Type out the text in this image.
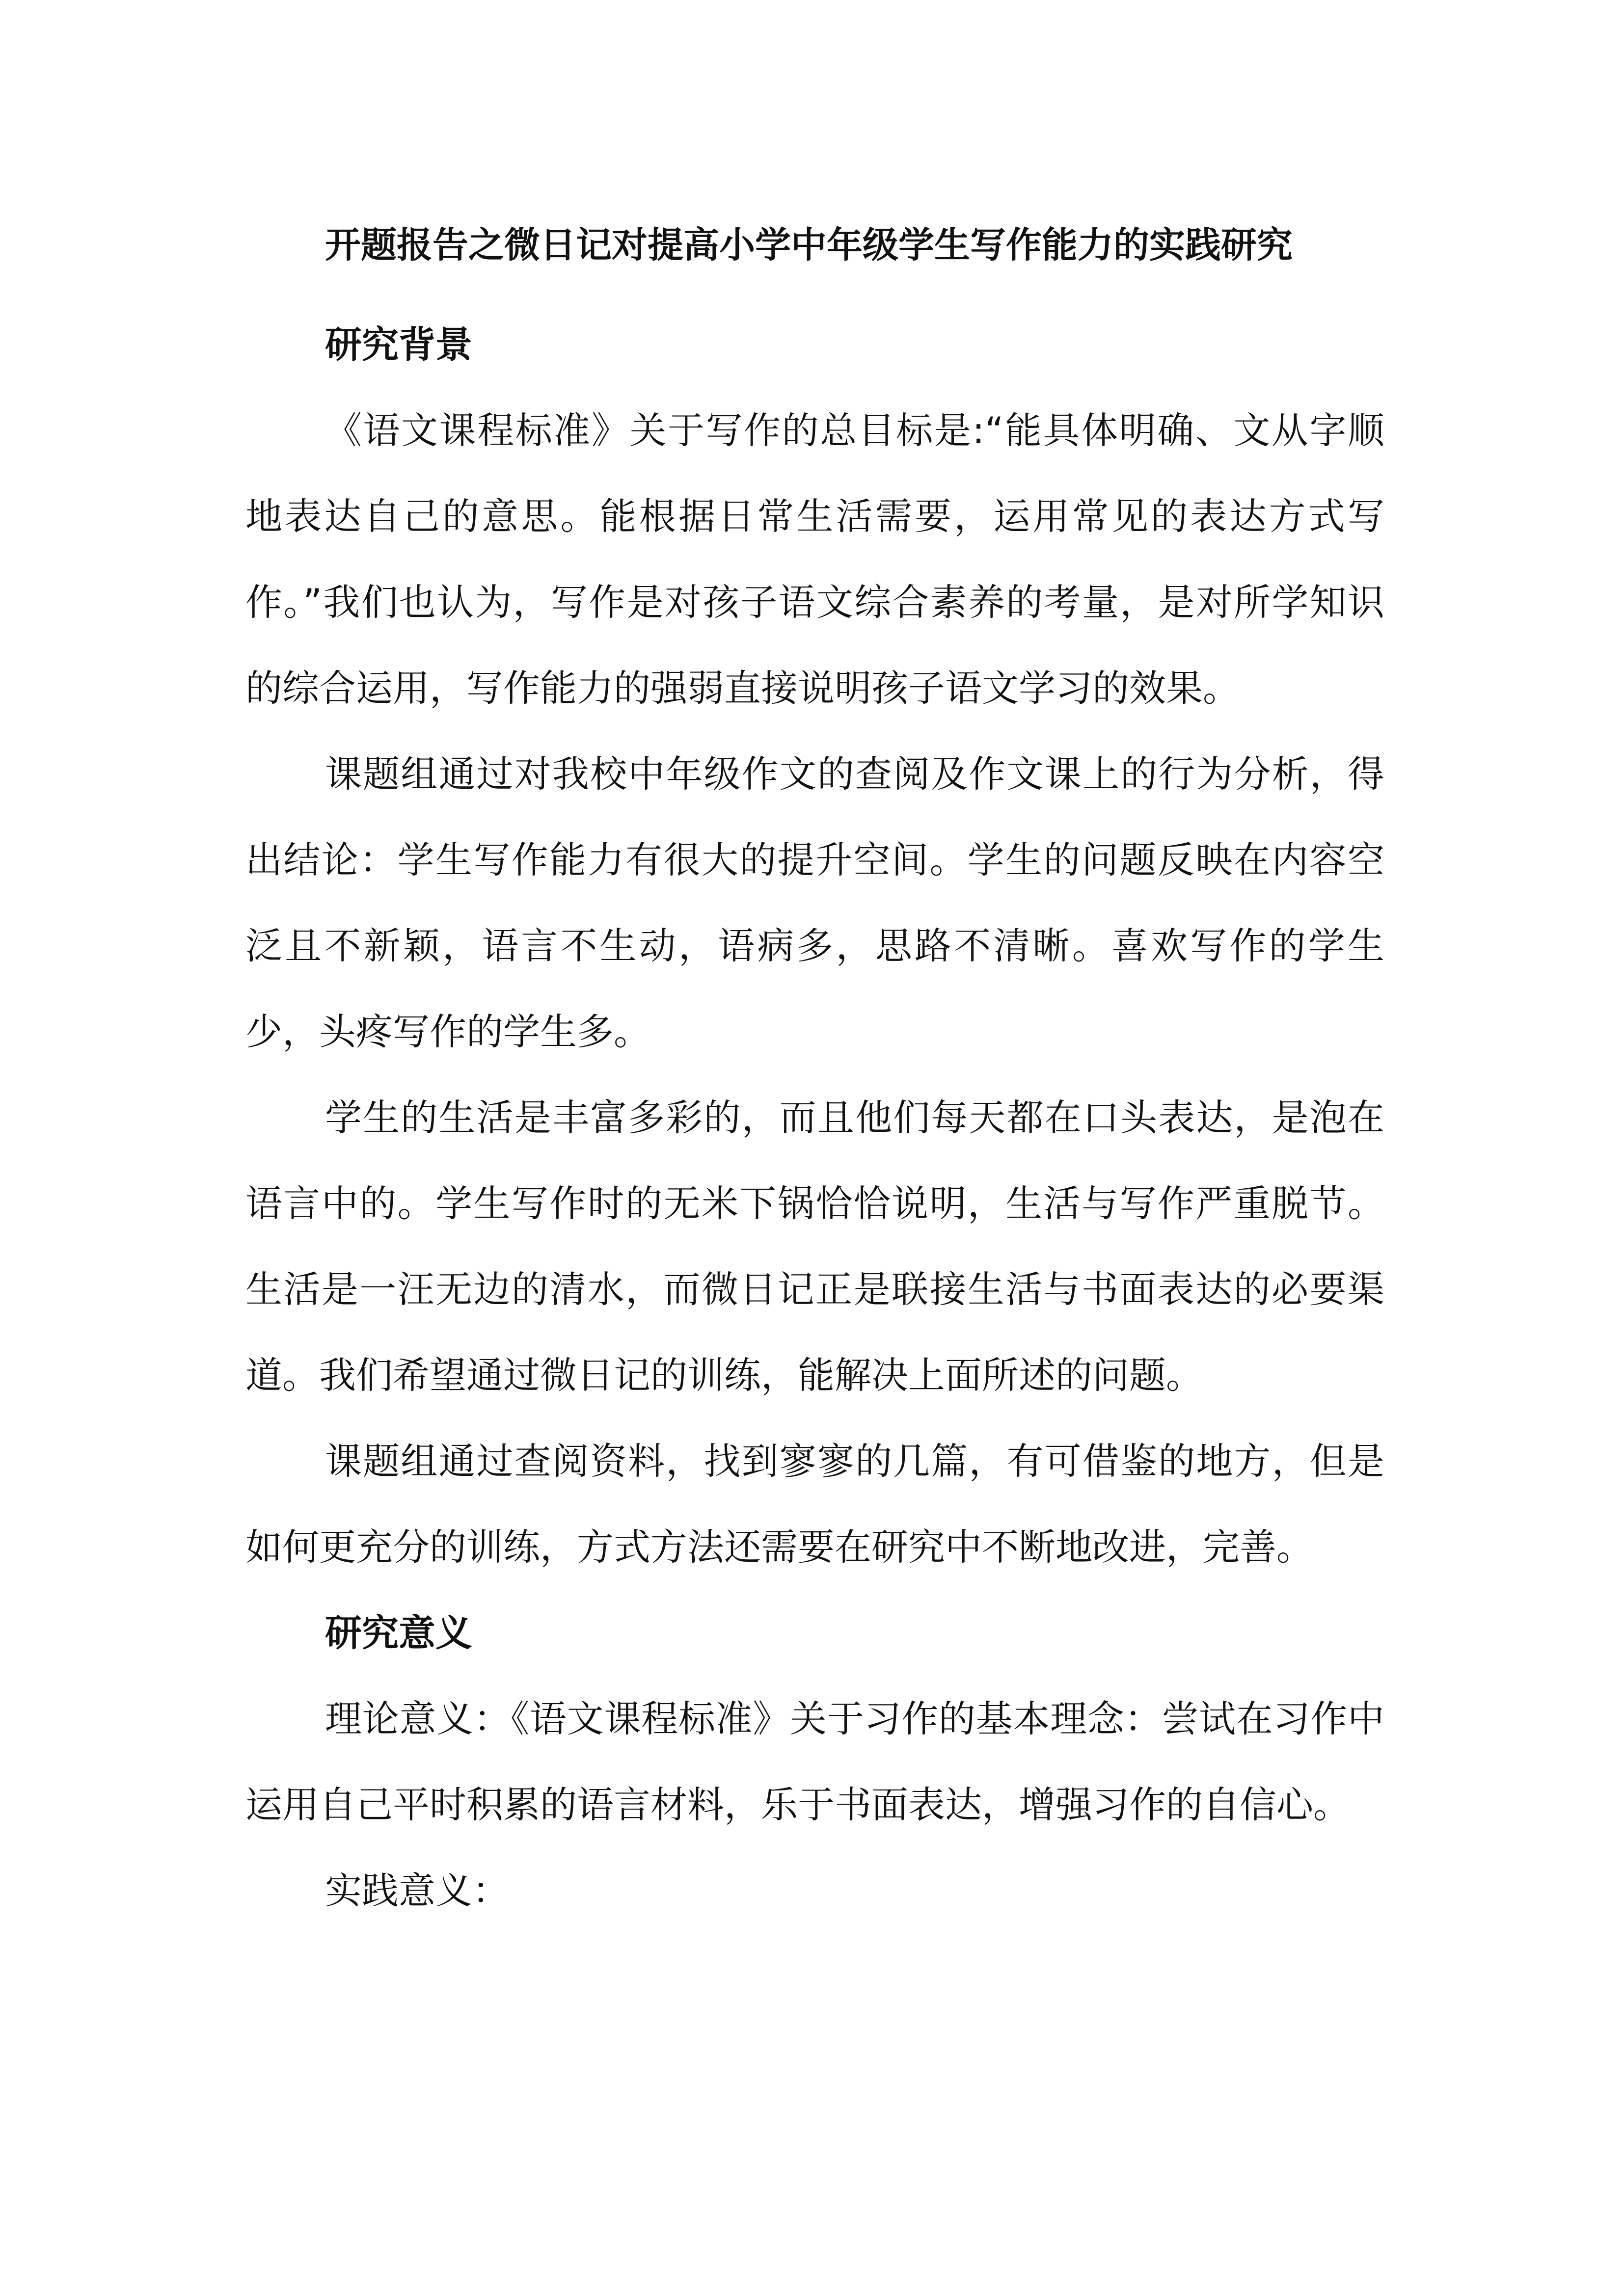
开题报告之微日记对提高小学中年级学生写作能力的实践研究
研究背景

《语文课程标准》关于写作的总目标是:“能具体明确、文从字顺地表达自己的意思。能根据日常生活需要，运用常见的表达方式写作。”我们也认为，写作是对孩子语文综合素养的考量，是对所学知识的综合运用，写作能力的强弱直接说明孩子语文学习的效果。

课题组通过对我校中年级作文的查阅及作文课上的行为分析，得出结论：学生写作能力有很大的提升空间。学生的问题反映在内容空泛且不新颖，语言不生动，语病多，思路不清晰。喜欢写作的学生少，头疼写作的学生多。

学生的生活是丰富多彩的，而且他们每天都在口头表达，是泡在语言中的。学生写作时的无米下锅恰恰说明，生活与写作严重脱节。生活是一汪无边的清水，而微日记正是联接生活与书面表达的必要渠道。我们希望通过微日记的训练，能解决上面所述的问题。

课题组通过查阅资料，找到寥寥的几篇，有可借鉴的地方，但是如何更充分的训练，方式方法还需要在研究中不断地改进，完善。

研究意义

理论意义：《语文课程标准》关于习作的基本理念：尝试在习作中运用自己平时积累的语言材料，乐于书面表达，增强习作的自信心。

实践意义：
